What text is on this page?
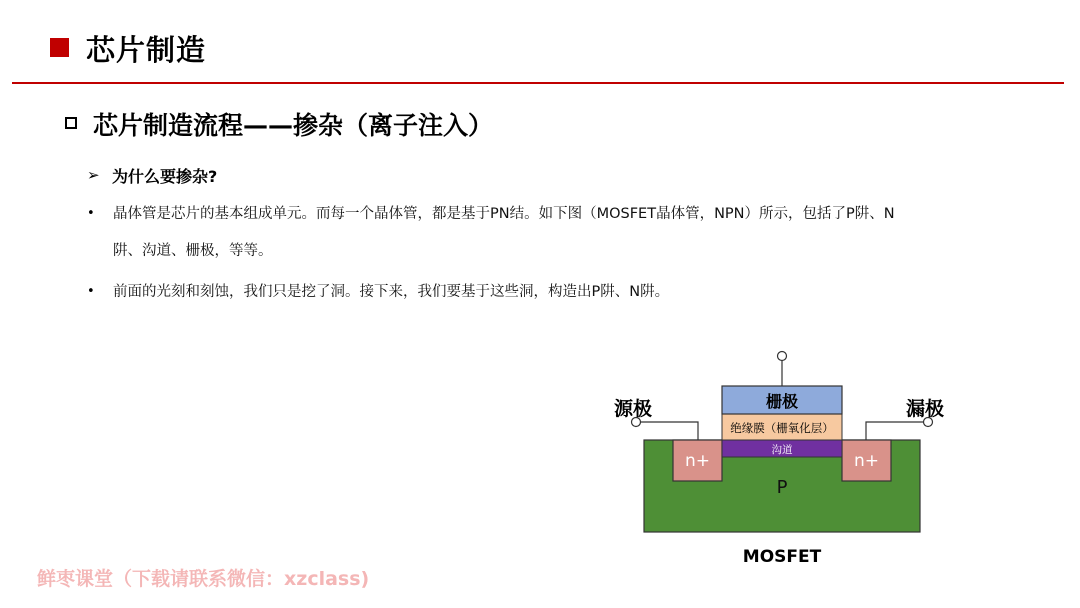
芯片制造
芯片制造流程——掺杂（离子注入）
➢ 为什么要掺杂?
• 晶体管是芯片的基本组成单元。而每一个晶体管，都是基于PN结。如下图（MOSFET晶体管，NPN）所示，包括了P阱、N
阱、沟道、栅极，等等。
• 前面的光刻和刻蚀，我们只是挖了洞。接下来，我们要基于这些洞，构造出P阱、N阱。
栅极
绝缘膜（栅氧化层）
沟道
源极	漏极
n+	n+
P
MOSFET
鲜枣课堂（下载请联系微信：xzclass)
